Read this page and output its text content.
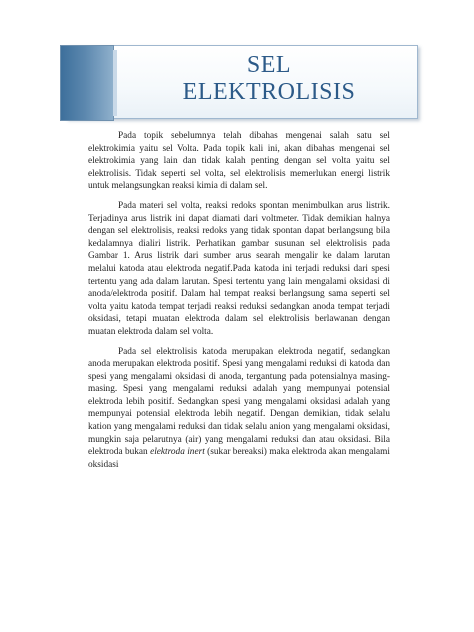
SEL
ELEKTROLISIS

Pada topik sebelumnya telah dibahas mengenai salah satu sel elektrokimia yaitu sel Volta. Pada topik kali ini, akan dibahas mengenai sel elektrokimia yang lain dan tidak kalah penting dengan sel volta yaitu sel elektrolisis. Tidak seperti sel volta, sel elektrolisis memerlukan energi listrik untuk melangsungkan reaksi kimia di dalam sel.

Pada materi sel volta, reaksi redoks spontan menimbulkan arus listrik. Terjadinya arus listrik ini dapat diamati dari voltmeter. Tidak demikian halnya dengan sel elektrolisis, reaksi redoks yang tidak spontan dapat berlangsung bila kedalamnya dialiri listrik. Perhatikan gambar susunan sel elektrolisis pada Gambar 1. Arus listrik dari sumber arus searah mengalir ke dalam larutan melalui katoda atau elektroda negatif.Pada katoda ini terjadi reduksi dari spesi tertentu yang ada dalam larutan. Spesi tertentu yang lain mengalami oksidasi di anoda/elektroda positif. Dalam hal tempat reaksi berlangsung sama seperti sel volta yaitu katoda tempat terjadi reaksi reduksi sedangkan anoda tempat terjadi oksidasi, tetapi muatan elektroda dalam sel elektrolisis berlawanan dengan muatan elektroda dalam sel volta.

Pada sel elektrolisis katoda merupakan elektroda negatif, sedangkan anoda merupakan elektroda positif. Spesi yang mengalami reduksi di katoda dan spesi yang mengalami oksidasi di anoda, tergantung pada potensialnya masing-masing. Spesi yang mengalami reduksi adalah yang mempunyai potensial elektroda lebih positif. Sedangkan spesi yang mengalami oksidasi adalah yang mempunyai potensial elektroda lebih negatif. Dengan demikian, tidak selalu kation yang mengalami reduksi dan tidak selalu anion yang mengalami oksidasi, mungkin saja pelarutnya (air) yang mengalami reduksi dan atau oksidasi. Bila elektroda bukan elektroda inert (sukar bereaksi) maka elektroda akan mengalami oksidasi
